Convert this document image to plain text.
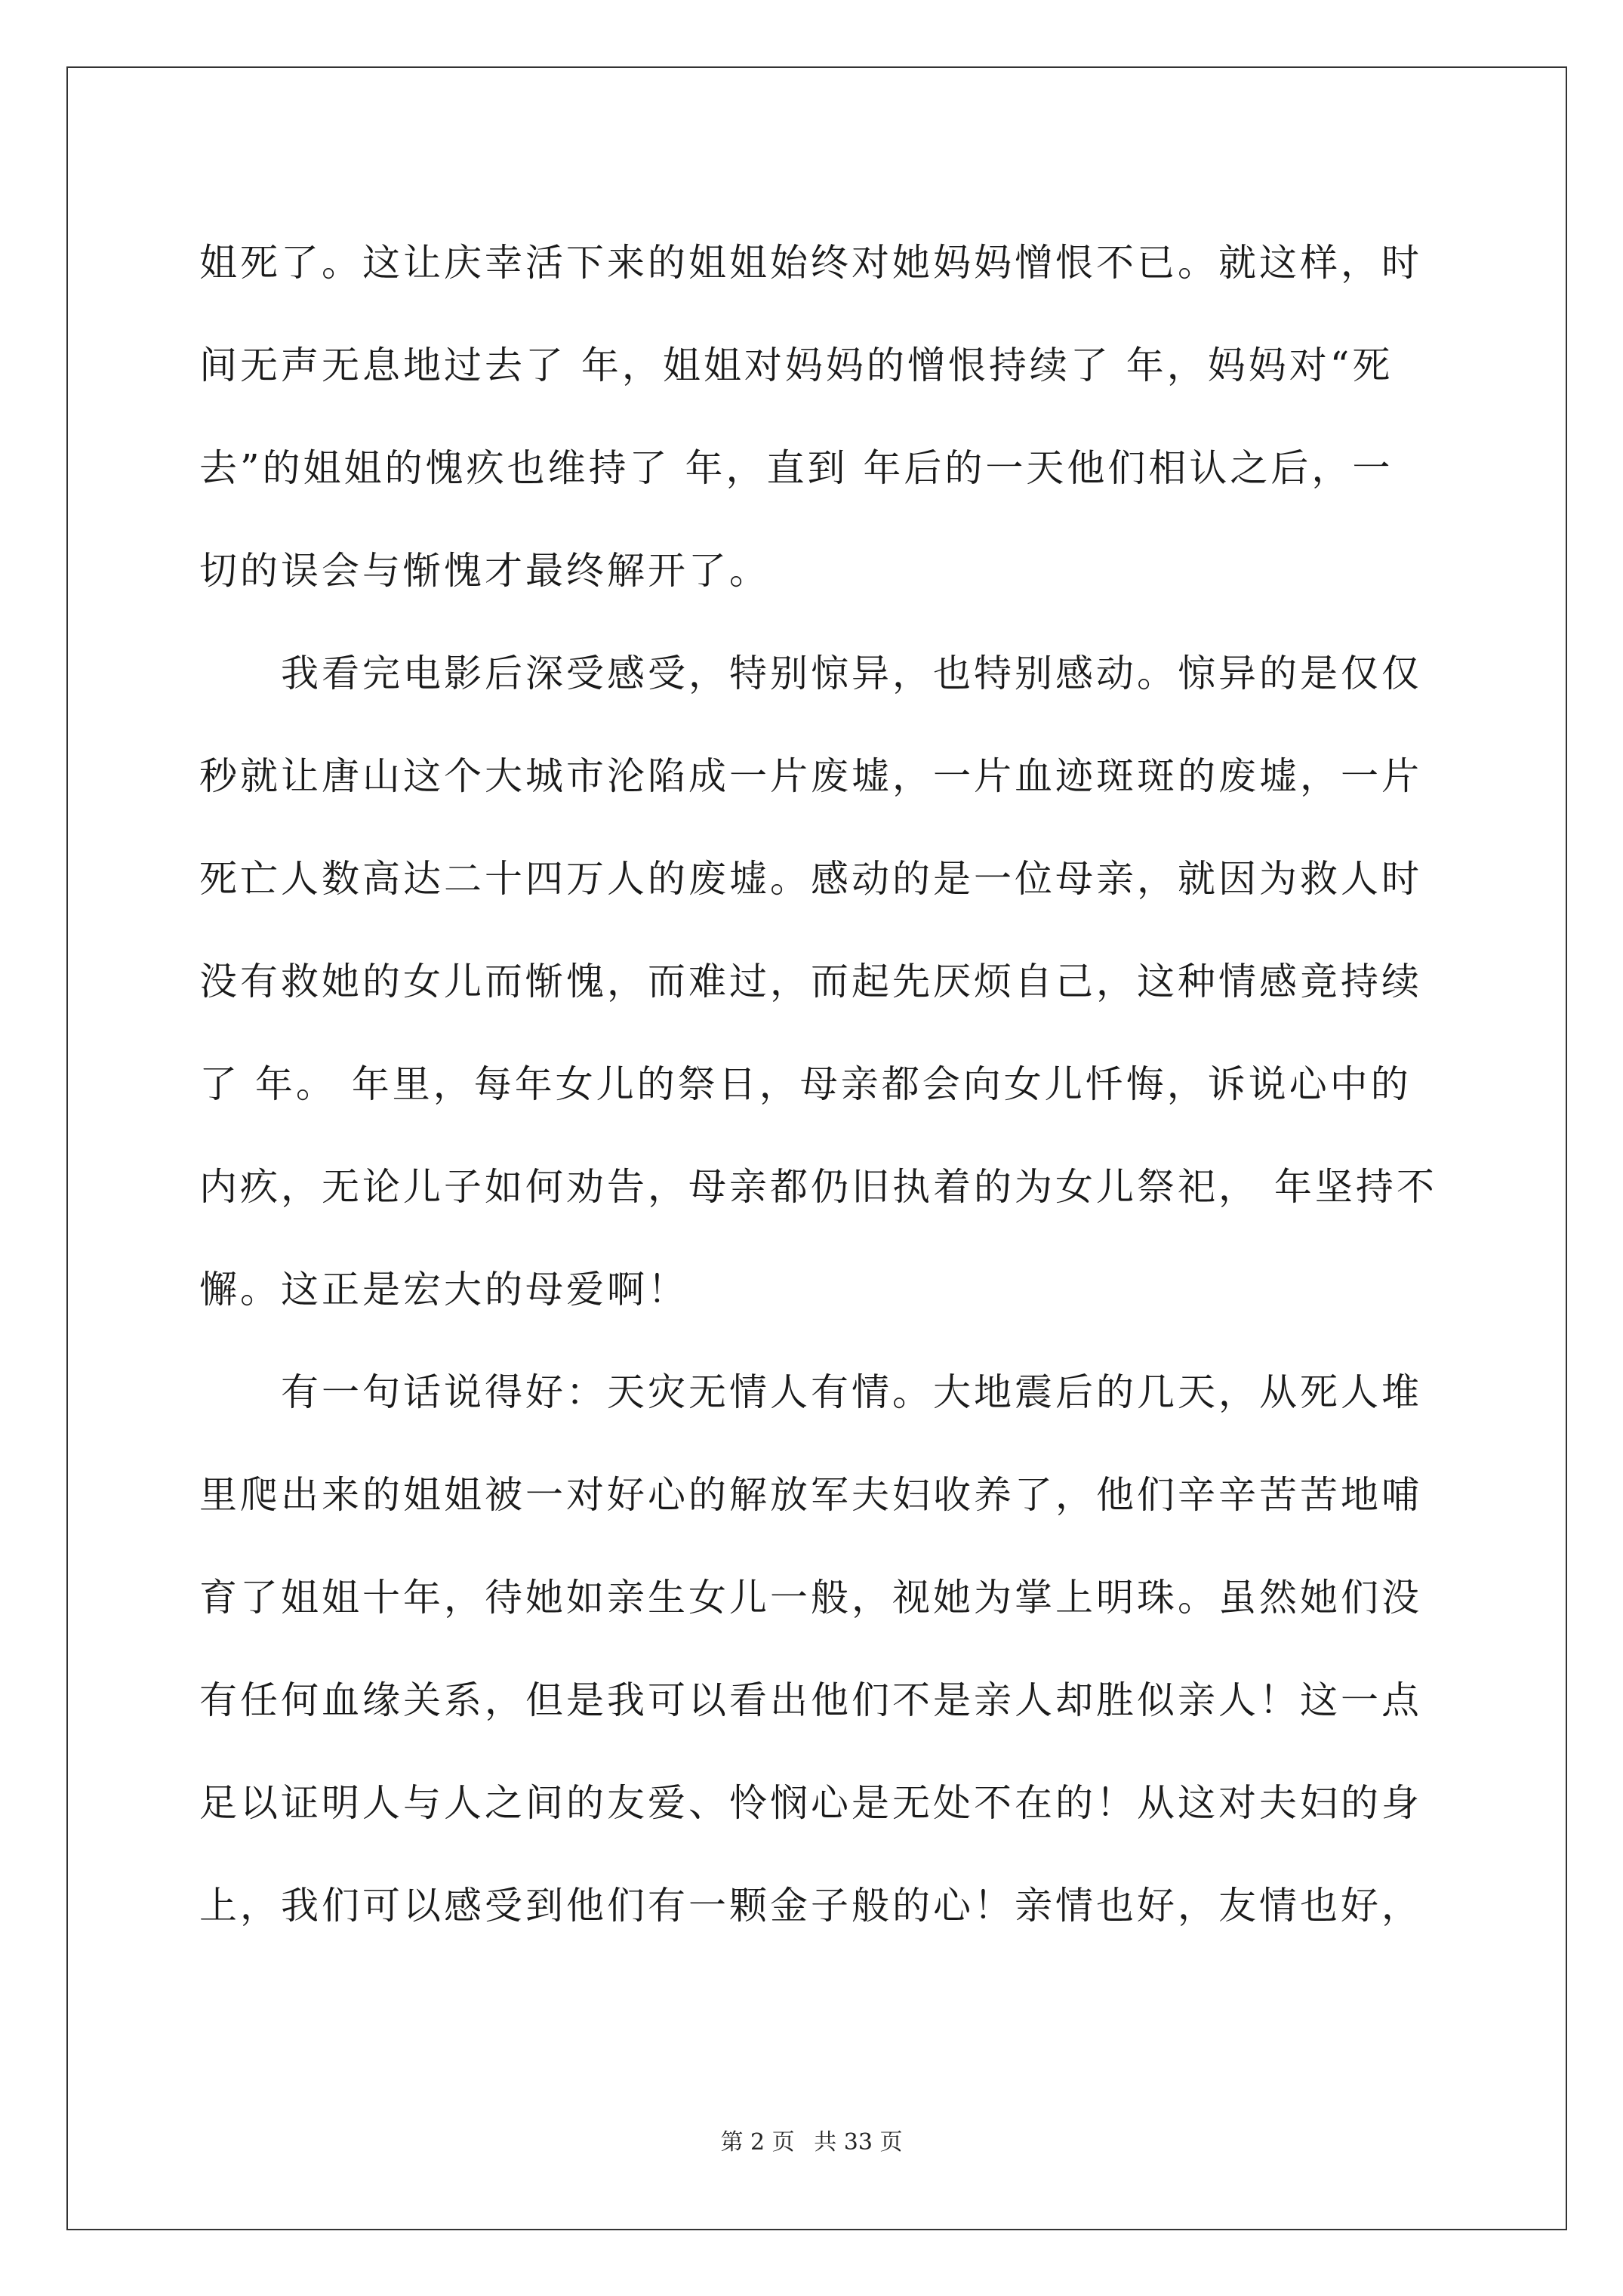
姐死了。这让庆幸活下来的姐姐始终对她妈妈憎恨不已。就这样，时
间无声无息地过去了 年，姐姐对妈妈的憎恨持续了 年，妈妈对“死
去”的姐姐的愧疚也维持了 年，直到 年后的一天他们相认之后，一
切的误会与惭愧才最终解开了。
　　我看完电影后深受感受，特别惊异，也特别感动。惊异的是仅仅
秒就让唐山这个大城市沦陷成一片废墟，一片血迹斑斑的废墟，一片
死亡人数高达二十四万人的废墟。感动的是一位母亲，就因为救人时
没有救她的女儿而惭愧，而难过，而起先厌烦自己，这种情感竟持续
了 年。 年里，每年女儿的祭日，母亲都会向女儿忏悔，诉说心中的
内疚，无论儿子如何劝告，母亲都仍旧执着的为女儿祭祀， 年坚持不
懈。这正是宏大的母爱啊！
　　有一句话说得好：天灾无情人有情。大地震后的几天，从死人堆
里爬出来的姐姐被一对好心的解放军夫妇收养了，他们辛辛苦苦地哺
育了姐姐十年，待她如亲生女儿一般，视她为掌上明珠。虽然她们没
有任何血缘关系，但是我可以看出他们不是亲人却胜似亲人！这一点
足以证明人与人之间的友爱、怜悯心是无处不在的！从这对夫妇的身
上，我们可以感受到他们有一颗金子般的心！亲情也好，友情也好，
第 2 页 共 33 页
